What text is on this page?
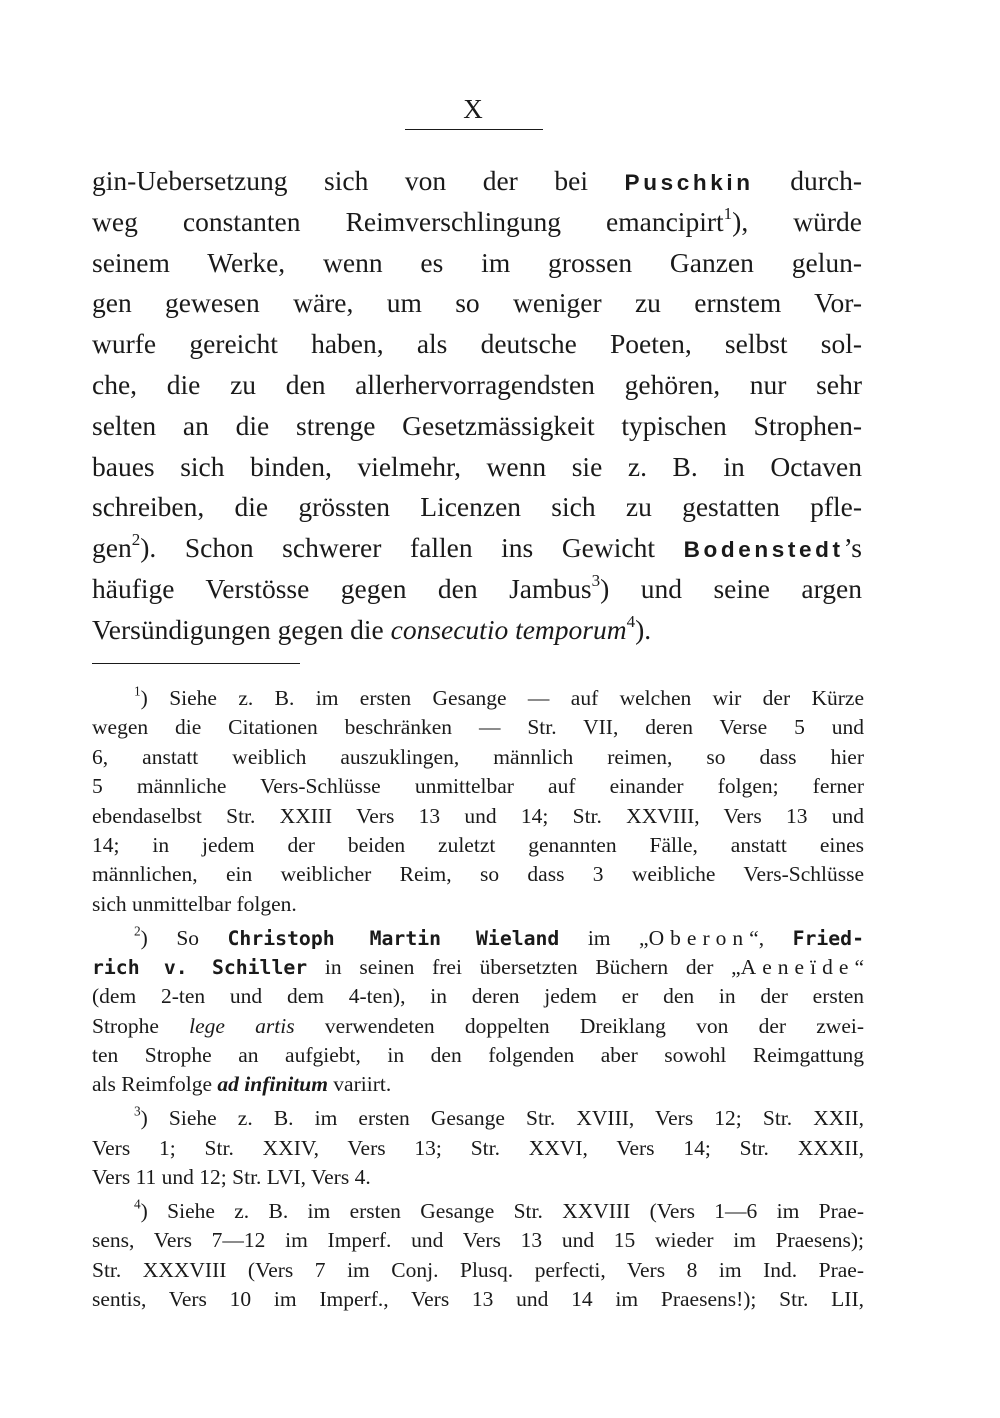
X
gin-Uebersetzung sich von der bei Puschkin durch-
weg constanten Reimverschlingung emancipirt$^1$), würde
seinem Werke, wenn es im grossen Ganzen gelun-
gen gewesen wäre, um so weniger zu ernstem Vor-
wurfe gereicht haben, als deutsche Poeten, selbst sol-
che, die zu den allerhervorragendsten gehören, nur sehr
selten an die strenge Gesetzmässigkeit typischen Strophen-
baues sich binden, vielmehr, wenn sie z. B. in Octaven
schreiben, die grössten Licenzen sich zu gestatten pfle-
gen$^2$). Schon schwerer fallen ins Gewicht Bodenstedt’s
häufige Verstösse gegen den Jambus$^3$) und seine argen
Versündigungen gegen die consecutio temporum$^4$).
$^1$) Siehe z. B. im ersten Gesange — auf welchen wir der Kürze
wegen die Citationen beschränken — Str. VII, deren Verse 5 und
6, anstatt weiblich auszuklingen, männlich reimen, so dass hier
5 männliche Vers-Schlüsse unmittelbar auf einander folgen; ferner
ebendaselbst Str. XXIII Vers 13 und 14; Str. XXVIII, Vers 13 und
14; in jedem der beiden zuletzt genannten Fälle, anstatt eines
männlichen, ein weiblicher Reim, so dass 3 weibliche Vers-Schlüsse
sich unmittelbar folgen.
$^2$) So Christoph Martin Wieland im „Oberon“, Fried-
rich v. Schiller in seinen frei übersetzten Büchern der „Aeneïde“
(dem 2-ten und dem 4-ten), in deren jedem er den in der ersten
Strophe lege artis verwendeten doppelten Dreiklang von der zwei-
ten Strophe an aufgiebt, in den folgenden aber sowohl Reimgattung
als Reimfolge ad infinitum variirt.
$^3$) Siehe z. B. im ersten Gesange Str. XVIII, Vers 12; Str. XXII,
Vers 1; Str. XXIV, Vers 13; Str. XXVI, Vers 14; Str. XXXII,
Vers 11 und 12; Str. LVI, Vers 4.
$^4$) Siehe z. B. im ersten Gesange Str. XXVIII (Vers 1—6 im Prae-
sens, Vers 7—12 im Imperf. und Vers 13 und 15 wieder im Praesens);
Str. XXXVIII (Vers 7 im Conj. Plusq. perfecti, Vers 8 im Ind. Prae-
sentis, Vers 10 im Imperf., Vers 13 und 14 im Praesens!); Str. LII,
